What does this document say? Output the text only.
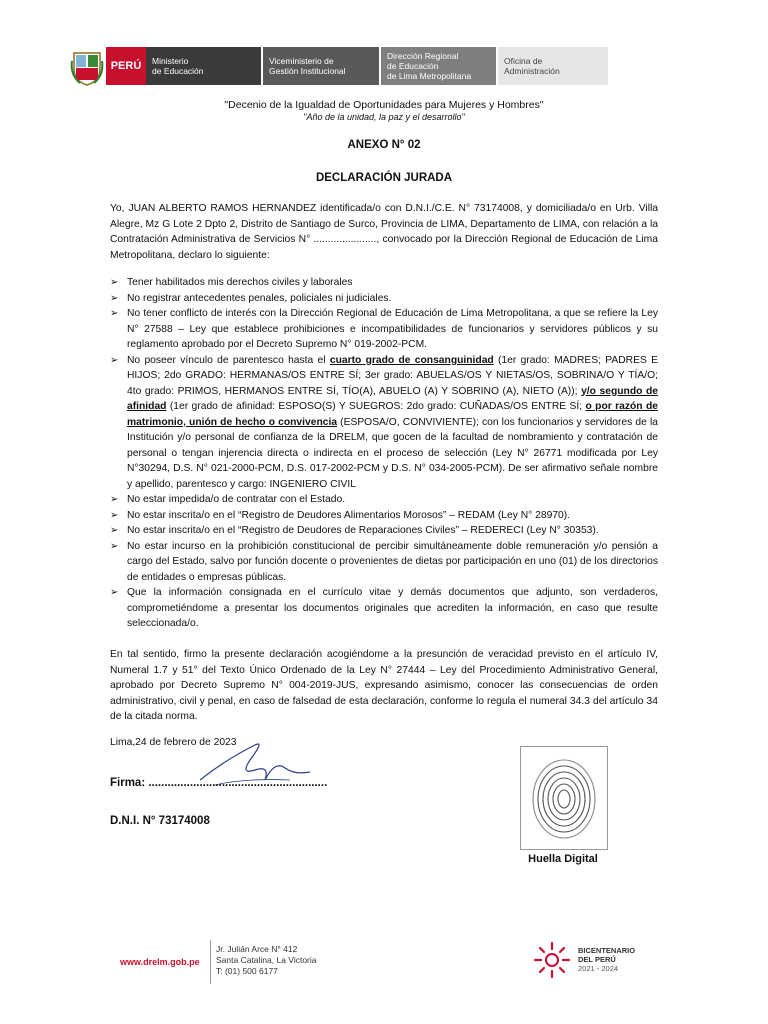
PERÚ	Ministerio
de Educación
Viceministerio de
Gestión Institucional
Dirección Regional
de Educación
de Lima Metropolitana
Oficina de
Administración
"Decenio de la Igualdad de Oportunidades para Mujeres y Hombres"
"Año de la unidad, la paz y el desarrollo"
ANEXO N° 02
DECLARACIÓN JURADA
Yo, JUAN ALBERTO RAMOS HERNANDEZ identificada/o con D.N.I./C.E. N° 73174008, y domiciliada/o en Urb. Villa Alegre, Mz G Lote 2 Dpto 2, Distrito de Santiago de Surco, Provincia de LIMA, Departamento de LIMA, con relación a la Contratación Administrativa de Servicios N° ......................, convocado por la Dirección Regional de Educación de Lima Metropolitana, declaro lo siguiente:
➢ Tener habilitados mis derechos civiles y laborales
➢ No registrar antecedentes penales, policiales ni judiciales.
➢ No tener conflicto de interés con la Dirección Regional de Educación de Lima Metropolitana, a que se refiere la Ley N° 27588 – Ley que establece prohibiciones e incompatibilidades de funcionarios y servidores públicos y su reglamento aprobado por el Decreto Supremo N° 019-2002-PCM.
➢ No poseer vínculo de parentesco hasta el cuarto grado de consanguinidad (1er grado: MADRES; PADRES E HIJOS; 2do GRADO: HERMANAS/OS ENTRE SÍ; 3er grado: ABUELAS/OS Y NIETAS/OS, SOBRINA/O Y TÍA/O; 4to grado: PRIMOS, HERMANOS ENTRE SÍ, TÍO(A), ABUELO (A) Y SOBRINO (A), NIETO (A)); y/o segundo de afinidad (1er grado de afinidad: ESPOSO(S) Y SUEGROS: 2do grado: CUÑADAS/OS ENTRE SÍ; o por razón de matrimonio, unión de hecho o convivencia (ESPOSA/O, CONVIVIENTE); con los funcionarios y servidores de la Institución y/o personal de confianza de la DRELM, que gocen de la facultad de nombramiento y contratación de personal o tengan injerencia directa o indirecta en el proceso de selección (Ley N° 26771 modificada por Ley N°30294, D.S. N° 021-2000-PCM, D.S. 017-2002-PCM y D.S. N° 034-2005-PCM). De ser afirmativo señale nombre y apellido, parentesco y cargo: INGENIERO CIVIL
➢ No estar impedida/o de contratar con el Estado.
➢ No estar inscrita/o en el “Registro de Deudores Alimentarios Morosos” – REDAM (Ley N° 28970).
➢ No estar inscrita/o en el “Registro de Deudores de Reparaciones Civiles” – REDERECI (Ley N° 30353).
➢ No estar incurso en la prohibición constitucional de percibir simultáneamente doble remuneración y/o pensión a cargo del Estado, salvo por función docente o provenientes de dietas por participación en uno (01) de los directorios de entidades o empresas públicas.
➢ Que la información consignada en el currículo vitae y demás documentos que adjunto, son verdaderos, comprometiéndome a presentar los documentos originales que acrediten la información, en caso que resulte seleccionada/o.
En tal sentido, firmo la presente declaración acogiéndome a la presunción de veracidad previsto en el artículo IV, Numeral 1.7 y 51° del Texto Único Ordenado de la Ley N° 27444 – Ley del Procedimiento Administrativo General, aprobado por Decreto Supremo N° 004-2019-JUS, expresando asimismo, conocer las consecuencias de orden administrativo, civil y penal, en caso de falsedad de esta declaración, conforme lo regula el numeral 34.3 del artículo 34 de la citada norma.
Lima,24 de febrero de 2023
Firma: ........................................................
D.N.I. N° 73174008
Huella Digital
www.drelm.gob.pe
Jr. Julián Arce N° 412
Santa Catalina, La Victoria
T: (01) 500 6177
BICENTENARIO
DEL PERÚ
2021 - 2024
